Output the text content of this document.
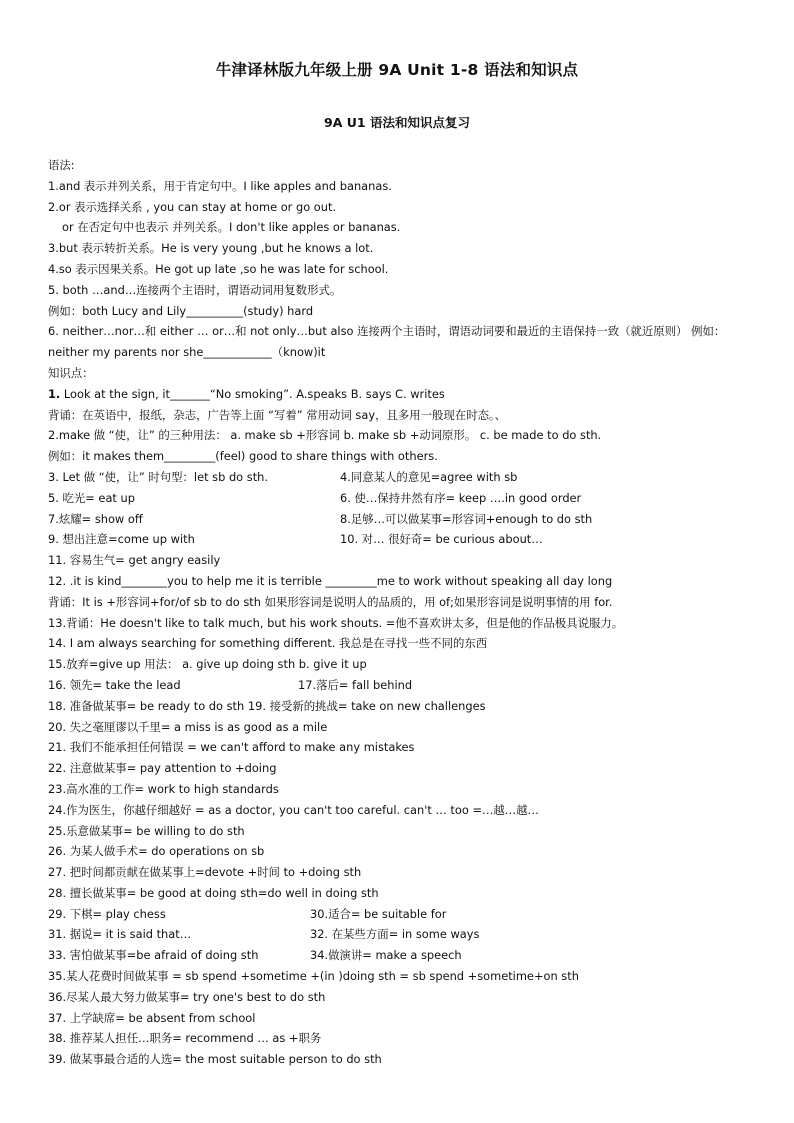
牛津译林版九年级上册 9A Unit 1-8 语法和知识点
9A U1 语法和知识点复习
语法:
1.and 表示并列关系，用于肯定句中。I like apples and bananas.
2.or 表示选择关系 , you can stay at home or go out.
or 在否定句中也表示 并列关系。I don't like apples or bananas.
3.but 表示转折关系。He is very young ,but he knows a lot.
4.so 表示因果关系。He got up late ,so he was late for school.
5. both …and…连接两个主语时，谓语动词用复数形式。
例如：both Lucy and Lily__________(study) hard
6. neither…nor…和 either … or…和 not only…but also 连接两个主语时，谓语动词要和最近的主语保持一致（就近原则） 例如：neither my parents nor she____________（know)it
知识点：
1. Look at the sign, it_______“No smoking”. A.speaks B. says C. writes
背诵：在英语中，报纸，杂志，广告等上面 “写着” 常用动词 say，且多用一般现在时态。、
2.make 做 “使，让” 的三种用法： a. make sb +形容词 b. make sb +动词原形。 c. be made to do sth.
例如：it makes them_________(feel) good to share things with others.
3. Let 做 “使，让” 时句型：let sb do sth.	4.同意某人的意见=agree with sb
5. 吃光= eat up	6. 使…保持井然有序= keep ….in good order
7.炫耀= show off	8.足够…可以做某事=形容词+enough to do sth
9. 想出注意=come up with	10. 对… 很好奇= be curious about…
11. 容易生气= get angry easily
12. .it is kind________you to help me it is terrible _________me to work without speaking all day long
背诵：It is +形容词+for/of sb to do sth 如果形容词是说明人的品质的，用 of;如果形容词是说明事情的用 for.
13.背诵：He doesn't like to talk much, but his work shouts. =他不喜欢讲太多，但是他的作品极具说服力。
14. I am always searching for something different. 我总是在寻找一些不同的东西
15.放弃=give up 用法： a. give up doing sth b. give it up
16. 领先= take the lead	17.落后= fall behind
18. 准备做某事= be ready to do sth 19. 接受新的挑战= take on new challenges
20. 失之毫厘谬以千里= a miss is as good as a mile
21. 我们不能承担任何错误 = we can't afford to make any mistakes
22. 注意做某事= pay attention to +doing
23.高水准的工作= work to high standards
24.作为医生，你越仔细越好 = as a doctor, you can't too careful. can't … too =…越…越…
25.乐意做某事= be willing to do sth
26. 为某人做手术= do operations on sb
27. 把时间都贡献在做某事上=devote +时间 to +doing sth
28. 擅长做某事= be good at doing sth=do well in doing sth
29. 下棋= play chess	30.适合= be suitable for
31. 据说= it is said that…	32. 在某些方面= in some ways
33. 害怕做某事=be afraid of doing sth	34.做演讲= make a speech
35.某人花费时间做某事 = sb spend +sometime +(in )doing sth = sb spend +sometime+on sth
36.尽某人最大努力做某事= try one's best to do sth
37. 上学缺席= be absent from school
38. 推荐某人担任…职务= recommend … as +职务
39. 做某事最合适的人选= the most suitable person to do sth
